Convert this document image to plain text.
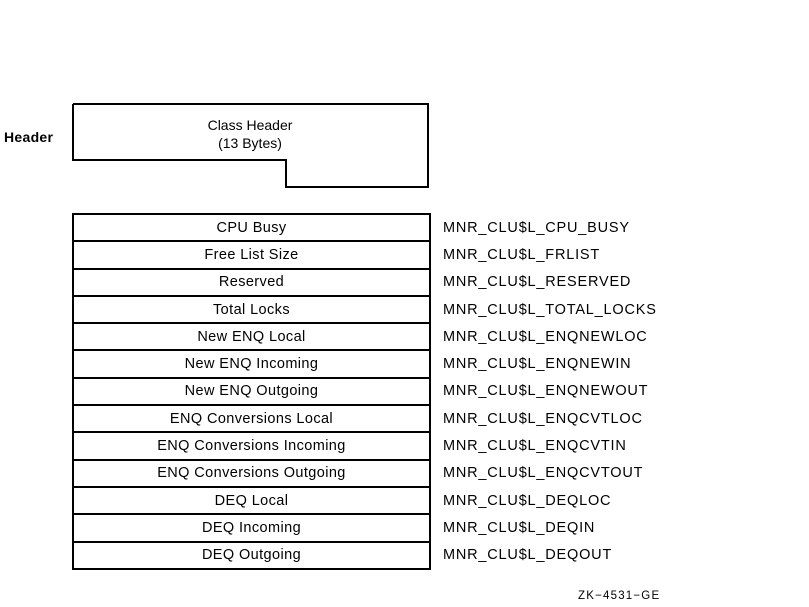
Header
Class Header
(13 Bytes)
CPU Busy
Free List Size
Reserved
Total Locks
New ENQ Local
New ENQ Incoming
New ENQ Outgoing
ENQ Conversions Local
ENQ Conversions Incoming
ENQ Conversions Outgoing
DEQ Local
DEQ Incoming
DEQ Outgoing
MNR_CLU$L_CPU_BUSY
MNR_CLU$L_FRLIST
MNR_CLU$L_RESERVED
MNR_CLU$L_TOTAL_LOCKS
MNR_CLU$L_ENQNEWLOC
MNR_CLU$L_ENQNEWIN
MNR_CLU$L_ENQNEWOUT
MNR_CLU$L_ENQCVTLOC
MNR_CLU$L_ENQCVTIN
MNR_CLU$L_ENQCVTOUT
MNR_CLU$L_DEQLOC
MNR_CLU$L_DEQIN
MNR_CLU$L_DEQOUT
ZK−4531−GE
